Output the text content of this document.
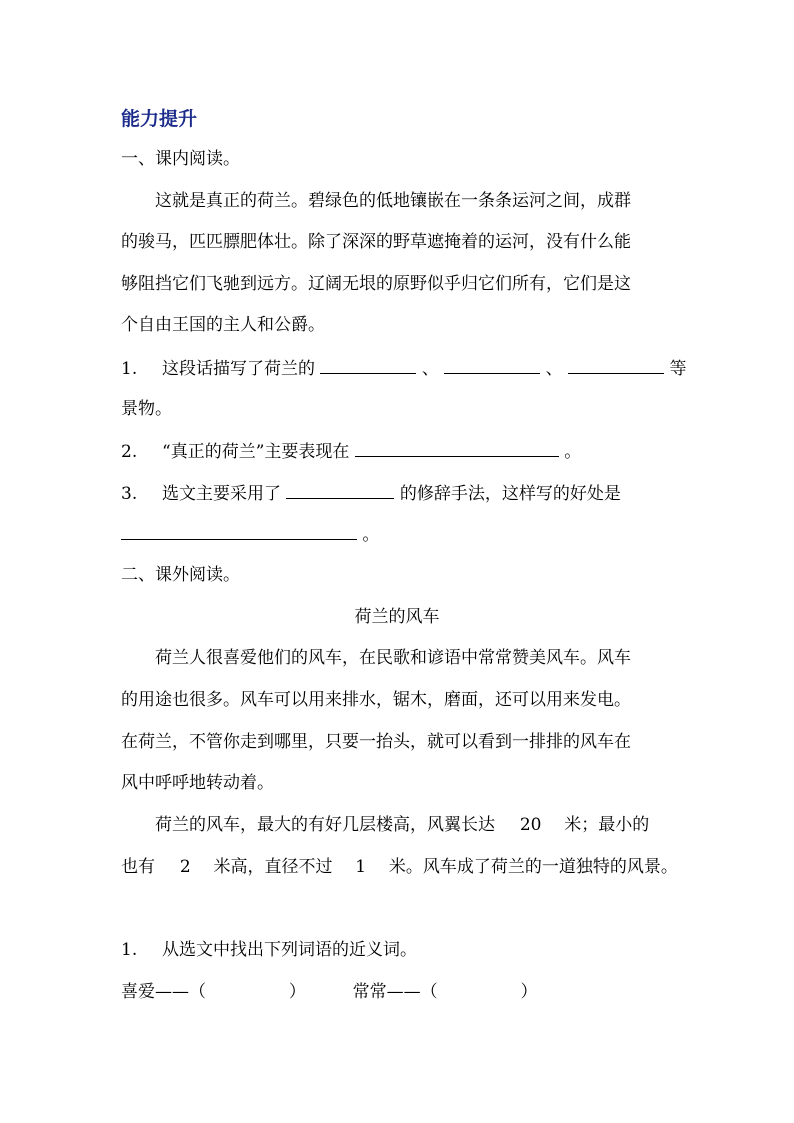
能力提升
一、课内阅读。
这就是真正的荷兰。碧绿色的低地镶嵌在一条条运河之间，成群
的骏马，匹匹膘肥体壮。除了深深的野草遮掩着的运河，没有什么能
够阻挡它们飞驰到远方。辽阔无垠的原野似乎归它们所有，它们是这
个自由王国的主人和公爵。
1. 这段话描写了荷兰的	、	、	等
景物。
2. “真正的荷兰”主要表现在	。
3. 选文主要采用了	的修辞手法，这样写的好处是
。
二、课外阅读。
荷兰的风车
荷兰人很喜爱他们的风车，在民歌和谚语中常常赞美风车。风车
的用途也很多。风车可以用来排水，锯木，磨面，还可以用来发电。
在荷兰，不管你走到哪里，只要一抬头，就可以看到一排排的风车在
风中呼呼地转动着。
荷兰的风车，最大的有好几层楼高，风翼长达 20 米；最小的
也有 2 米高，直径不过 1 米。风车成了荷兰的一道独特的风景。
1. 从选文中找出下列词语的近义词。
喜爱——（	）	常常——（	）
